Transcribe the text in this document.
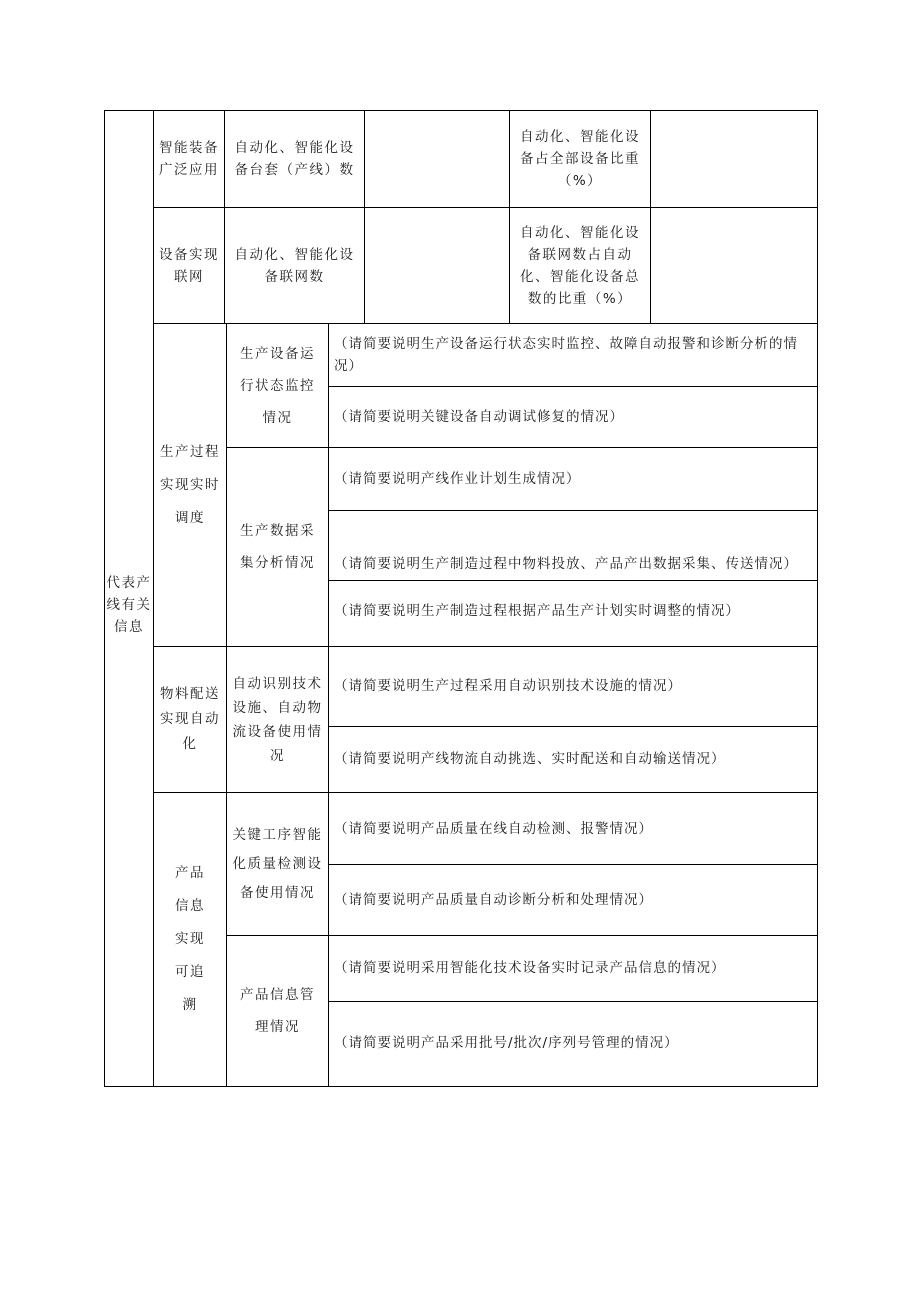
代表产线有关信息
智能装备广泛应用
自动化、智能化设备台套（产线）数
自动化、智能化设备占全部设备比重（%）
设备实现联网
自动化、智能化设备联网数
自动化、智能化设备联网数占自动化、智能化设备总数的比重（%）
生产过程实现实时调度
生产设备运行状态监控情况
（请简要说明生产设备运行状态实时监控、故障自动报警和诊断分析的情况）
（请简要说明关键设备自动调试修复的情况）
生产数据采集分析情况
（请简要说明产线作业计划生成情况）
（请简要说明生产制造过程中物料投放、产品产出数据采集、传送情况）
（请简要说明生产制造过程根据产品生产计划实时调整的情况）
物料配送实现自动化
自动识别技术设施、自动物流设备使用情况
（请简要说明生产过程采用自动识别技术设施的情况）
（请简要说明产线物流自动挑选、实时配送和自动输送情况）
产品信息实现可追溯
关键工序智能化质量检测设备使用情况
（请简要说明产品质量在线自动检测、报警情况）
（请简要说明产品质量自动诊断分析和处理情况）
产品信息管理情况
（请简要说明采用智能化技术设备实时记录产品信息的情况）
（请简要说明产品采用批号/批次/序列号管理的情况）
